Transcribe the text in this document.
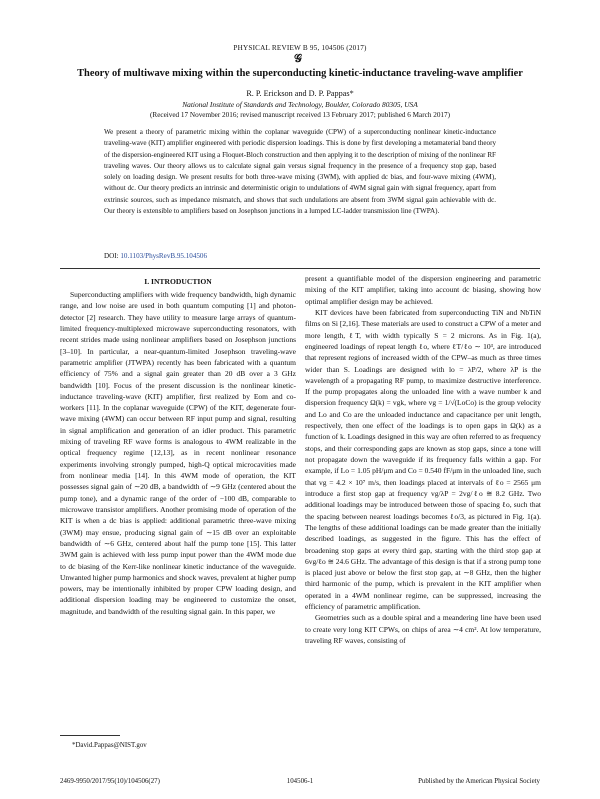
PHYSICAL REVIEW B 95, 104506 (2017)
𝒢
Theory of multiwave mixing within the superconducting kinetic-inductance traveling-wave amplifier
R. P. Erickson and D. P. Pappas*
National Institute of Standards and Technology, Boulder, Colorado 80305, USA
(Received 17 November 2016; revised manuscript received 13 February 2017; published 6 March 2017)
We present a theory of parametric mixing within the coplanar waveguide (CPW) of a superconducting nonlinear kinetic-inductance traveling-wave (KIT) amplifier engineered with periodic dispersion loadings. This is done by first developing a metamaterial band theory of the dispersion-engineered KIT using a Floquet-Bloch construction and then applying it to the description of mixing of the nonlinear RF traveling waves. Our theory allows us to calculate signal gain versus signal frequency in the presence of a frequency stop gap, based solely on loading design. We present results for both three-wave mixing (3WM), with applied dc bias, and four-wave mixing (4WM), without dc. Our theory predicts an intrinsic and deterministic origin to undulations of 4WM signal gain with signal frequency, apart from extrinsic sources, such as impedance mismatch, and shows that such undulations are absent from 3WM signal gain achievable with dc. Our theory is extensible to amplifiers based on Josephson junctions in a lumped LC-ladder transmission line (TWPA).
DOI: 10.1103/PhysRevB.95.104506
I. INTRODUCTION

Superconducting amplifiers with wide frequency bandwidth, high dynamic range, and low noise are used in both quantum computing [1] and photon-detector [2] research. They have utility to measure large arrays of quantum-limited frequency-multiplexed microwave superconducting resonators, with recent strides made using nonlinear amplifiers based on Josephson junctions [3–10]. In particular, a near-quantum-limited Josephson traveling-wave parametric amplifier (JTWPA) recently has been fabricated with a quantum efficiency of 75% and a signal gain greater than 20 dB over a 3 GHz bandwidth [10]. Focus of the present discussion is the nonlinear kinetic-inductance traveling-wave (KIT) amplifier, first realized by Eom and co-workers [11]. In the coplanar waveguide (CPW) of the KIT, degenerate four-wave mixing (4WM) can occur between RF input pump and signal, resulting in signal amplification and generation of an idler product. This parametric mixing of traveling RF wave forms is analogous to 4WM realizable in the optical frequency regime [12,13], as in recent nonlinear resonance experiments involving strongly pumped, high-Q optical microcavities made from nonlinear media [14]. In this 4WM mode of operation, the KIT possesses signal gain of ∼20 dB, a bandwidth of ∼9 GHz (centered about the pump tone), and a dynamic range of the order of −100 dB, comparable to microwave transistor amplifiers. Another promising mode of operation of the KIT is when a dc bias is applied: additional parametric three-wave mixing (3WM) may ensue, producing signal gain of ∼15 dB over an exploitable bandwidth of ∼6 GHz, centered about half the pump tone [15]. This latter 3WM gain is achieved with less pump input power than the 4WM mode due to dc biasing of the Kerr-like nonlinear kinetic inductance of the waveguide. Unwanted higher pump harmonics and shock waves, prevalent at higher pump powers, may be intentionally inhibited by proper CPW loading design, and additional dispersion loading may be engineered to customize the onset, magnitude, and bandwidth of the resulting signal gain. In this paper, we

present a quantifiable model of the dispersion engineering and parametric mixing of the KIT amplifier, taking into account dc biasing, showing how optimal amplifier design may be achieved.

KIT devices have been fabricated from superconducting TiN and NbTiN films on Si [2,16]. These materials are used to construct a CPW of a meter and more length, ℓT, with width typically S = 2 microns. As in Fig. 1(a), engineered loadings of repeat length ℓo, where ℓT/ℓo ∼ 10³, are introduced that represent regions of increased width of the CPW–as much as three times wider than S. Loadings are designed with lo = λP/2, where λP is the wavelength of a propagating RF pump, to maximize destructive interference. If the pump propagates along the unloaded line with a wave number k and dispersion frequency Ω(k) = vgk, where vg = 1/√(LoCo) is the group velocity and Lo and Co are the unloaded inductance and capacitance per unit length, respectively, then one effect of the loadings is to open gaps in Ω(k) as a function of k. Loadings designed in this way are often referred to as frequency stops, and their corresponding gaps are known as stop gaps, since a tone will not propagate down the waveguide if its frequency falls within a gap. For example, if Lo = 1.05 pH/μm and Co = 0.540 fF/μm in the unloaded line, such that vg = 4.2 × 10⁷ m/s, then loadings placed at intervals of ℓo = 2565 μm introduce a first stop gap at frequency vg/λP = 2vg/ℓo ≅ 8.2 GHz. Two additional loadings may be introduced between those of spacing ℓo, such that the spacing between nearest loadings becomes ℓo/3, as pictured in Fig. 1(a). The lengths of these additional loadings can be made greater than the initially described loadings, as suggested in the figure. This has the effect of broadening stop gaps at every third gap, starting with the third stop gap at 6vg/ℓo ≅ 24.6 GHz. The advantage of this design is that if a strong pump tone is placed just above or below the first stop gap, at ∼8 GHz, then the higher third harmonic of the pump, which is prevalent in the KIT amplifier when operated in a 4WM nonlinear regime, can be suppressed, increasing the efficiency of parametric amplification.

Geometries such as a double spiral and a meandering line have been used to create very long KIT CPWs, on chips of area ∼4 cm². At low temperature, traveling RF waves, consisting of

*David.Pappas@NIST.gov
2469-9950/2017/95(10)/104506(27)	104506-1	Published by the American Physical Society
